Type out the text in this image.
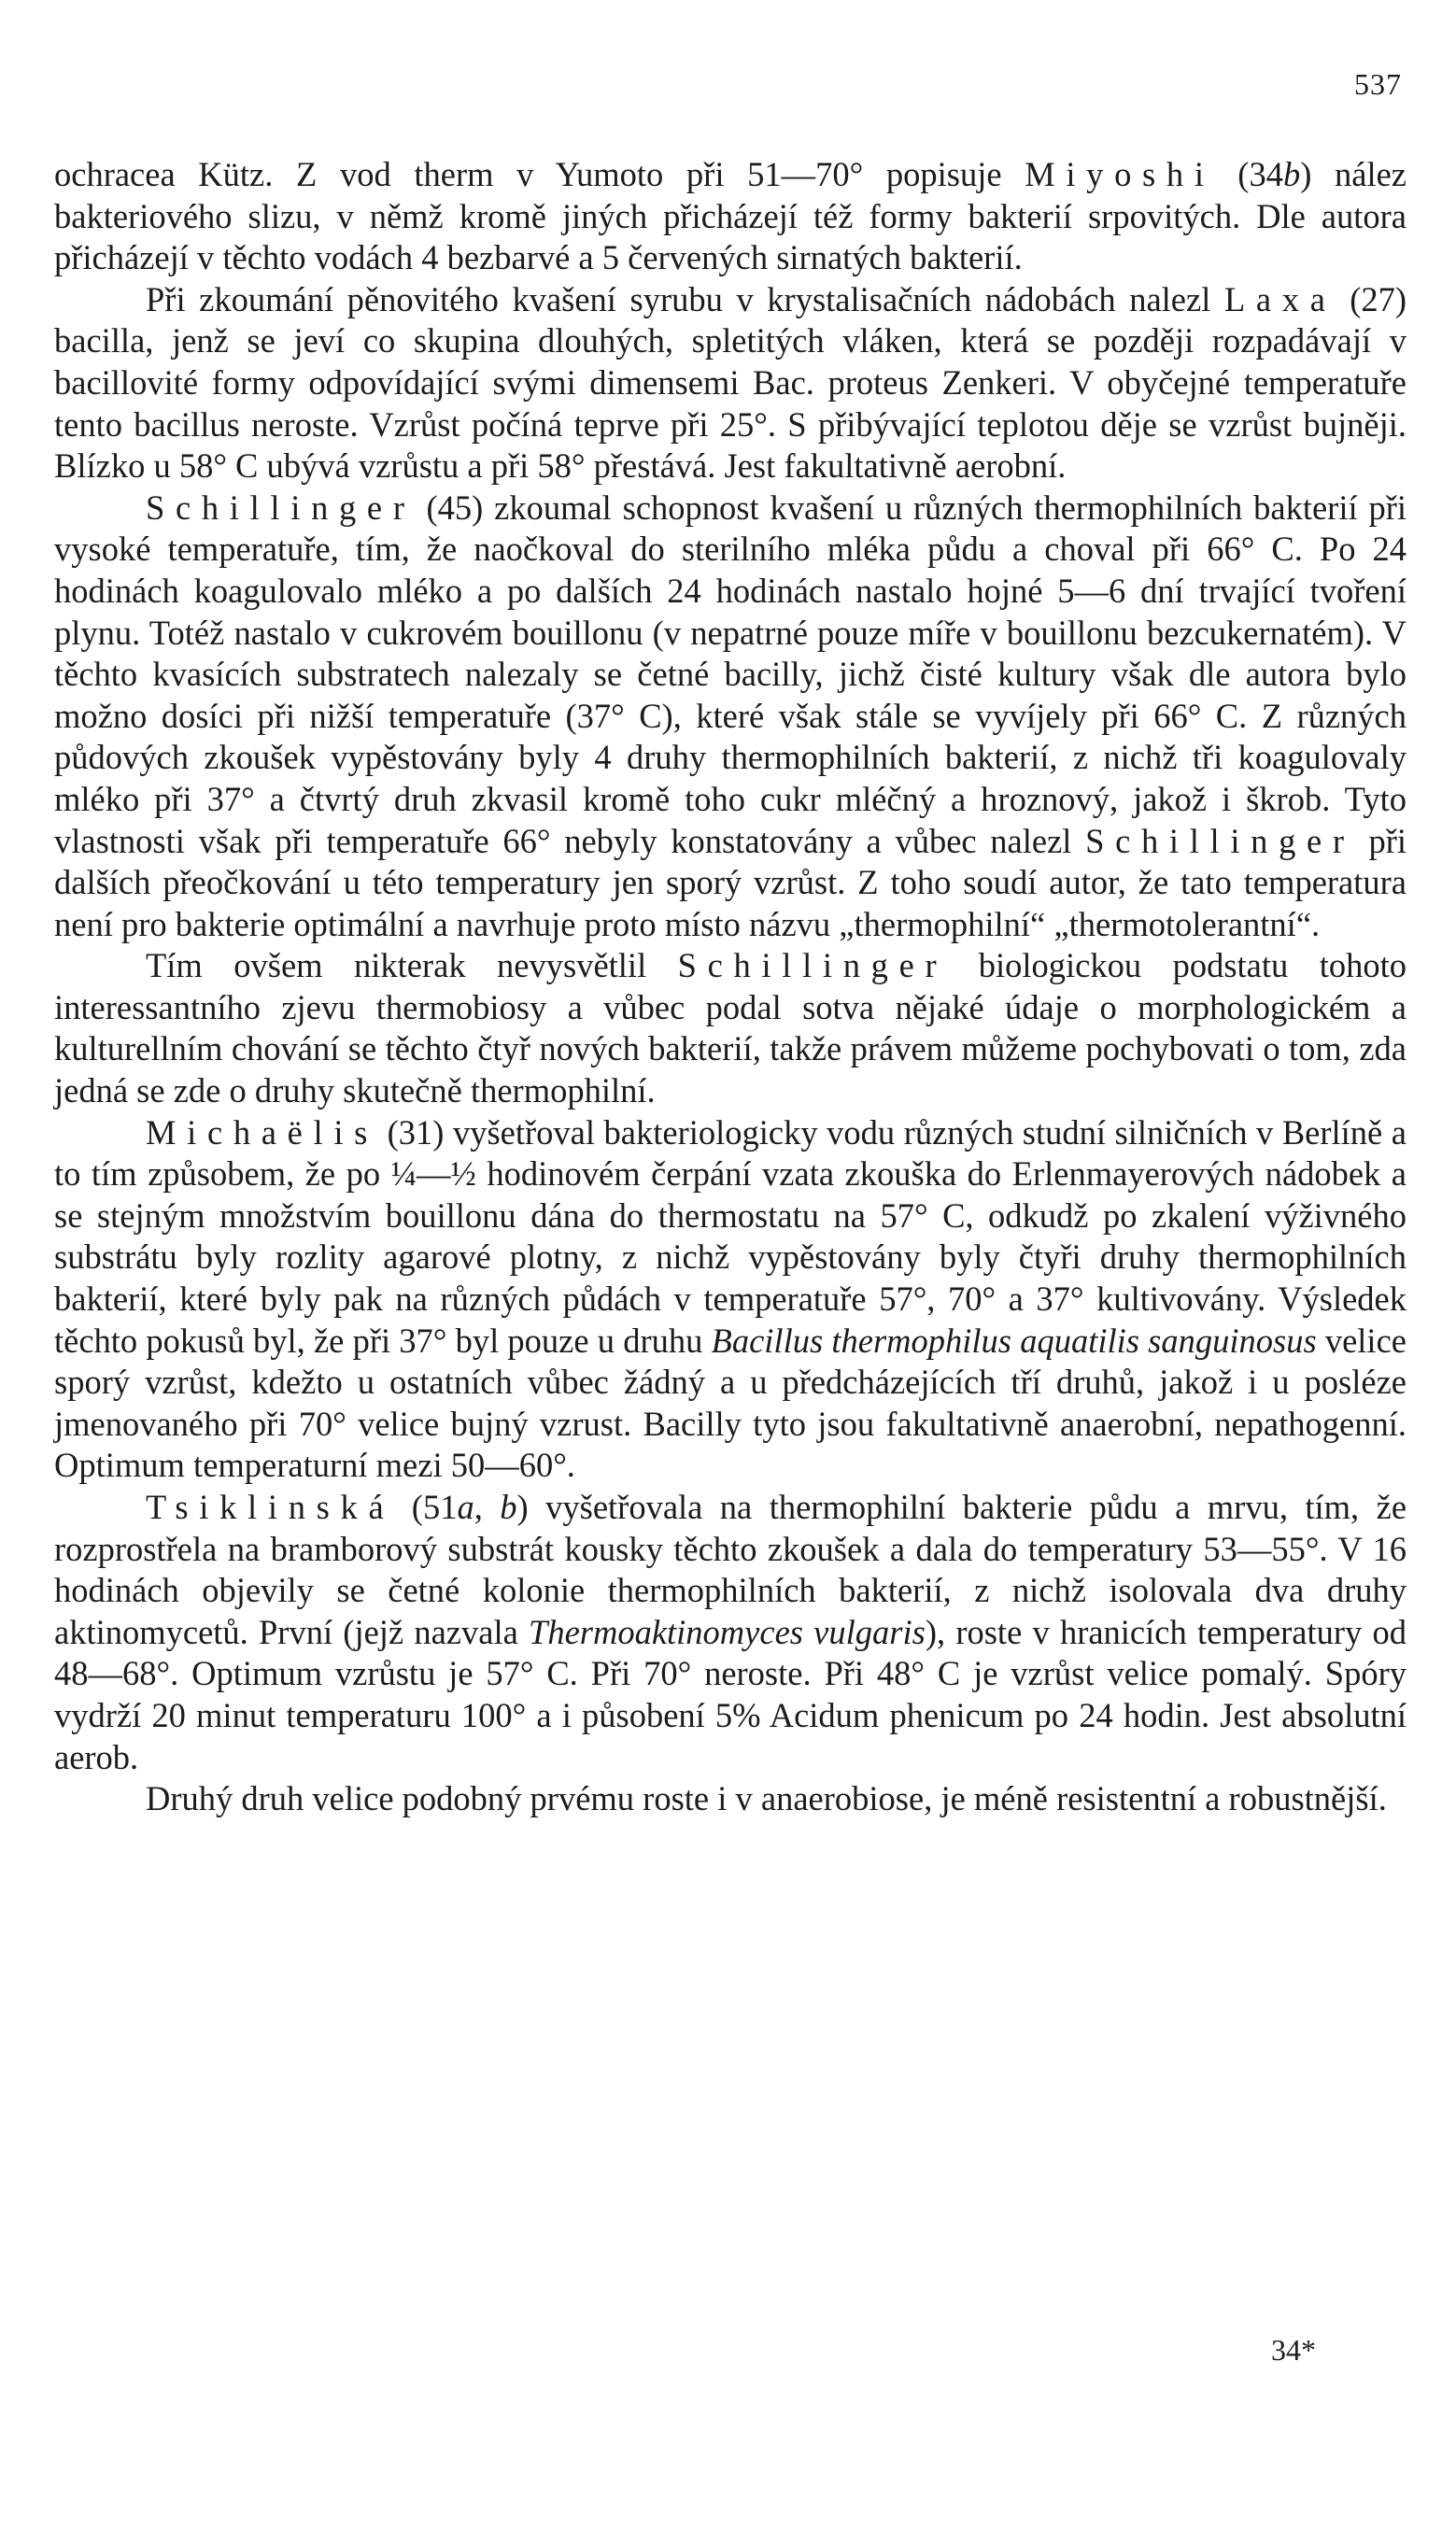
537

ochracea Kütz. Z vod therm v Yumoto při 51—70° popisuje Miyoshi (34b) nález bakteriového slizu, v němž kromě jiných přicházejí též formy bakterií srpovitých. Dle autora přicházejí v těchto vodách 4 bezbarvé a 5 červených sirnatých bakterií.

Při zkoumání pěnovitého kvašení syrubu v krystalisačních nádobách nalezl Laxa (27) bacilla, jenž se jeví co skupina dlouhých, spletitých vláken, která se později rozpadávají v bacillovité formy odpovídající svými dimensemi Bac. proteus Zenkeri. V obyčejné temperatuře tento bacillus neroste. Vzrůst počíná teprve při 25°. S přibývající teplotou děje se vzrůst bujněji. Blízko u 58° C ubývá vzrůstu a při 58° přestává. Jest fakultativně aerobní.

Schillinger (45) zkoumal schopnost kvašení u různých thermophilních bakterií při vysoké temperatuře, tím, že naočkoval do sterilního mléka půdu a choval při 66° C. Po 24 hodinách koagulovalo mléko a po dalších 24 hodinách nastalo hojné 5—6 dní trvající tvoření plynu. Totéž nastalo v cukrovém bouillonu (v nepatrné pouze míře v bouillonu bezcukernatém). V těchto kvasících substratech nalezaly se četné bacilly, jichž čisté kultury však dle autora bylo možno dosíci při nižší temperatuře (37° C), které však stále se vyvíjely při 66° C. Z různých půdových zkoušek vypěstovány byly 4 druhy thermophilních bakterií, z nichž tři koagulovaly mléko při 37° a čtvrtý druh zkvasil kromě toho cukr mléčný a hroznový, jakož i škrob. Tyto vlastnosti však při temperatuře 66° nebyly konstatovány a vůbec nalezl Schillinger při dalších přeočkování u této temperatury jen sporý vzrůst. Z toho soudí autor, že tato temperatura není pro bakterie optimální a navrhuje proto místo názvu „thermophilní“ „thermotolerantní“.

Tím ovšem nikterak nevysvětlil Schillinger biologickou podstatu tohoto interessantního zjevu thermobiosy a vůbec podal sotva nějaké údaje o morphologickém a kulturellním chování se těchto čtyř nových bakterií, takže právem můžeme pochybovati o tom, zda jedná se zde o druhy skutečně thermophilní.

Michaëlis (31) vyšetřoval bakteriologicky vodu různých studní silničních v Berlíně a to tím způsobem, že po ¼—½ hodinovém čerpání vzata zkouška do Erlenmayerových nádobek a se stejným množstvím bouillonu dána do thermostatu na 57° C, odkudž po zkalení výživného substrátu byly rozlity agarové plotny, z nichž vypěstovány byly čtyři druhy thermophilních bakterií, které byly pak na různých půdách v temperatuře 57°, 70° a 37° kultivovány. Výsledek těchto pokusů byl, že při 37° byl pouze u druhu Bacillus thermophilus aquatilis sanguinosus velice sporý vzrůst, kdežto u ostatních vůbec žádný a u předcházejících tří druhů, jakož i u posléze jmenovaného při 70° velice bujný vzrust. Bacilly tyto jsou fakultativně anaerobní, nepathogenní. Optimum temperaturní mezi 50—60°.

Tsiklinská (51a, b) vyšetřovala na thermophilní bakterie půdu a mrvu, tím, že rozprostřela na bramborový substrát kousky těchto zkoušek a dala do temperatury 53—55°. V 16 hodinách objevily se četné kolonie thermophilních bakterií, z nichž isolovala dva druhy aktinomycetů. První (jejž nazvala Thermoaktinomyces vulgaris), roste v hranicích temperatury od 48—68°. Optimum vzrůstu je 57° C. Při 70° neroste. Při 48° C je vzrůst velice pomalý. Spóry vydrží 20 minut temperaturu 100° a i působení 5% Acidum phenicum po 24 hodin. Jest absolutní aerob.

Druhý druh velice podobný prvému roste i v anaerobiose, je méně resistentní a robustnější.

34*
